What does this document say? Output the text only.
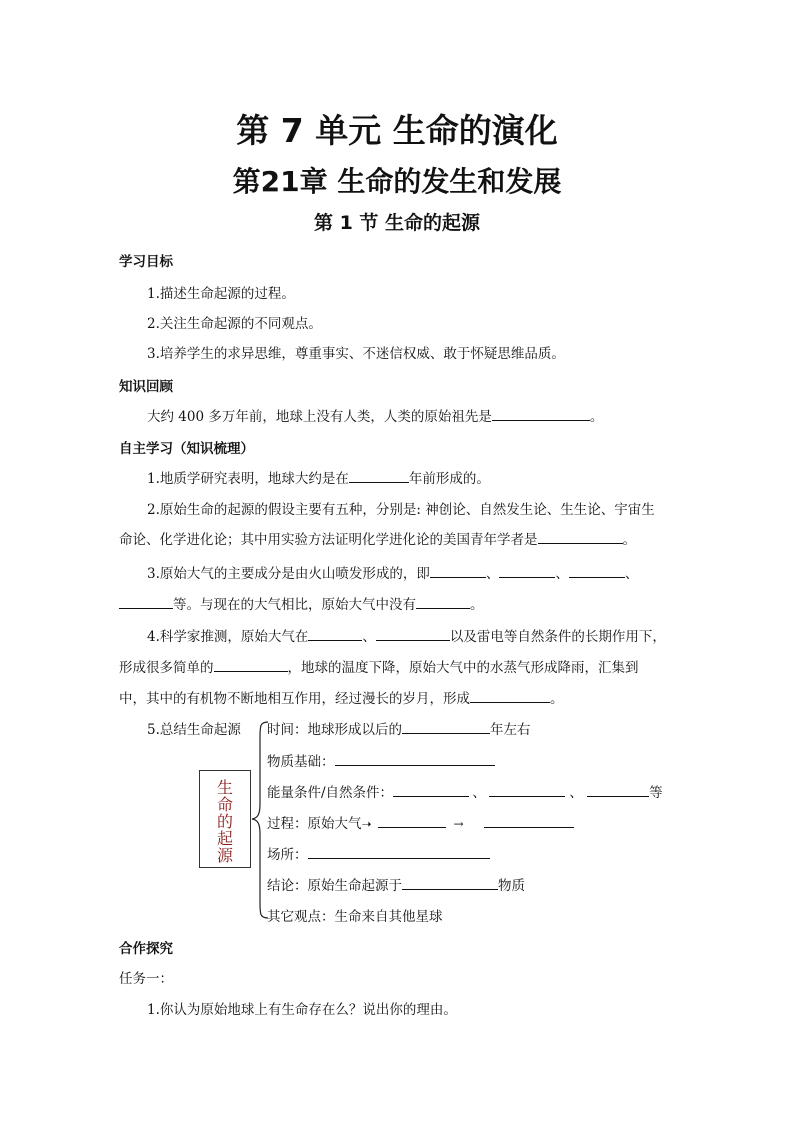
第 7 单元 生命的演化
第21章 生命的发生和发展
第 1 节 生命的起源
学习目标
1.描述生命起源的过程。
2.关注生命起源的不同观点。
3.培养学生的求异思维，尊重事实、不迷信权威、敢于怀疑思维品质。
知识回顾
大约 400 多万年前，地球上没有人类，人类的原始祖先是	。
自主学习（知识梳理）
1.地质学研究表明，地球大约是在	年前形成的。
2.原始生命的起源的假设主要有五种，分别是: 神创论、自然发生论、生生论、宇宙生
命论、化学进化论；其中用实验方法证明化学进化论的美国青年学者是	。
3.原始大气的主要成分是由火山喷发形成的，即	、	、	、
等。与现在的大气相比，原始大气中没有	。
4.科学家推测，原始大气在	、	以及雷电等自然条件的长期作用下，
形成很多简单的	，地球的温度下降，原始大气中的水蒸气形成降雨，汇集到
中，其中的有机物不断地相互作用，经过漫长的岁月，形成	。
5.总结生命起源
生
命
的
起
源
时间：地球形成以后的	年左右
物质基础：
能量条件/自然条件：	、	、	等
过程：原始大气➝	→
场所：
结论：原始生命起源于	物质
其它观点：生命来自其他星球
合作探究
任务一：
1.你认为原始地球上有生命存在么？说出你的理由。
